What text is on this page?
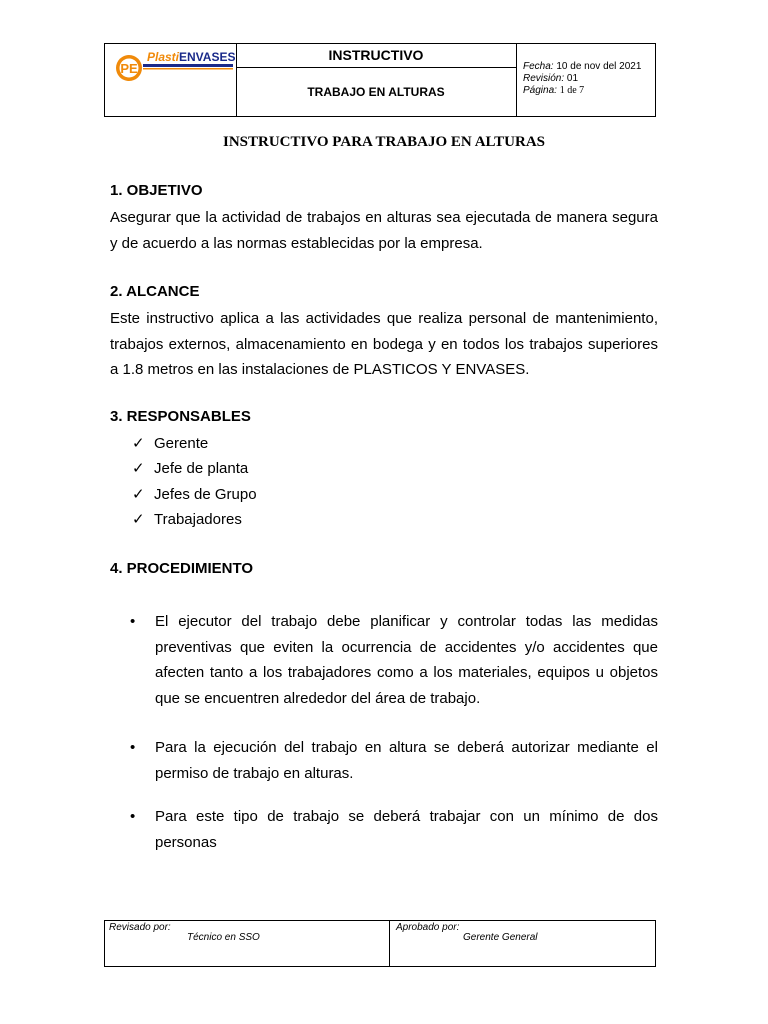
PE
PlastiENVASES	INSTRUCTIVO
TRABAJO EN ALTURAS
Fecha: 10 de nov del 2021
Revisión: 01
Página: 1 de 7
INSTRUCTIVO PARA TRABAJO EN ALTURAS
1. OBJETIVO
Asegurar que la actividad de trabajos en alturas sea ejecutada de manera segura y de acuerdo a las normas establecidas por la empresa.
2. ALCANCE
Este instructivo aplica a las actividades que realiza personal de mantenimiento, trabajos externos, almacenamiento en bodega y en todos los trabajos superiores a 1.8 metros en las instalaciones de PLASTICOS Y ENVASES.
3. RESPONSABLES
✓ Gerente
✓ Jefe de planta
✓ Jefes de Grupo
✓ Trabajadores
4. PROCEDIMIENTO
• El ejecutor del trabajo debe planificar y controlar todas las medidas preventivas que eviten la ocurrencia de accidentes y/o accidentes que afecten tanto a los trabajadores como a los materiales, equipos u objetos que se encuentren alrededor del área de trabajo.
• Para la ejecución del trabajo en altura se deberá autorizar mediante el permiso de trabajo en alturas.
• Para este tipo de trabajo se deberá trabajar con un mínimo de dos personas
Revisado por:
Técnico en SSO
Aprobado por:
Gerente General
